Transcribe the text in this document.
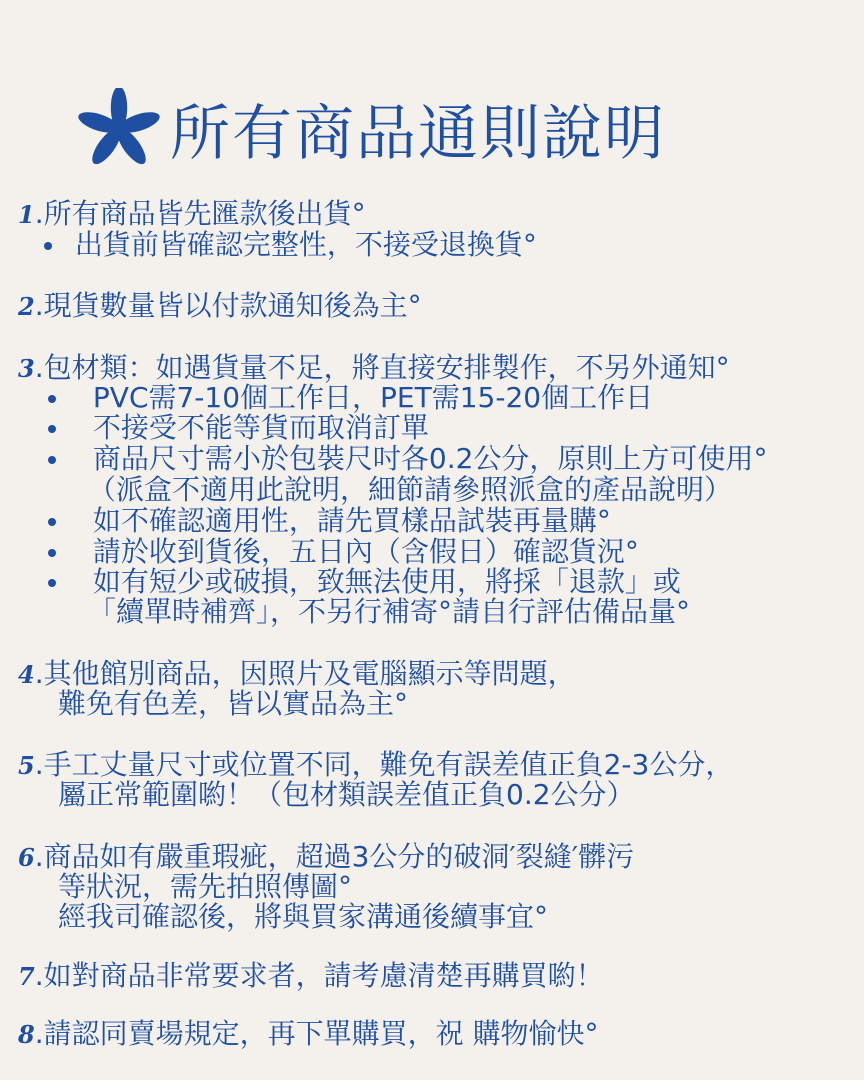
所有商品通則說明
1.所有商品皆先匯款後出貨°
出貨前皆確認完整性，不接受退換貨°
2.現貨數量皆以付款通知後為主°
3.包材類：如遇貨量不足，將直接安排製作，不另外通知°
PVC需7-10個工作日，PET需15-20個工作日
不接受不能等貨而取消訂單
商品尺寸需小於包裝尺吋各0.2公分，原則上方可使用°
（派盒不適用此說明，細節請參照派盒的產品說明）
如不確認適用性，請先買樣品試裝再量購°
請於收到貨後，五日內（含假日）確認貨況°
如有短少或破損，致無法使用，將採「退款」或
「續單時補齊」，不另行補寄°請自行評估備品量°
4.其他館別商品，因照片及電腦顯示等問題，
難免有色差，皆以實品為主°
5.手工丈量尺寸或位置不同，難免有誤差值正負2-3公分，
屬正常範圍喲！（包材類誤差值正負0.2公分）
6.商品如有嚴重瑕疵，超過3公分的破洞′裂縫′髒污
等狀況，需先拍照傳圖°
經我司確認後，將與買家溝通後續事宜°
7.如對商品非常要求者，請考慮清楚再購買喲！
8.請認同賣場規定，再下單購買，祝 購物愉快°
